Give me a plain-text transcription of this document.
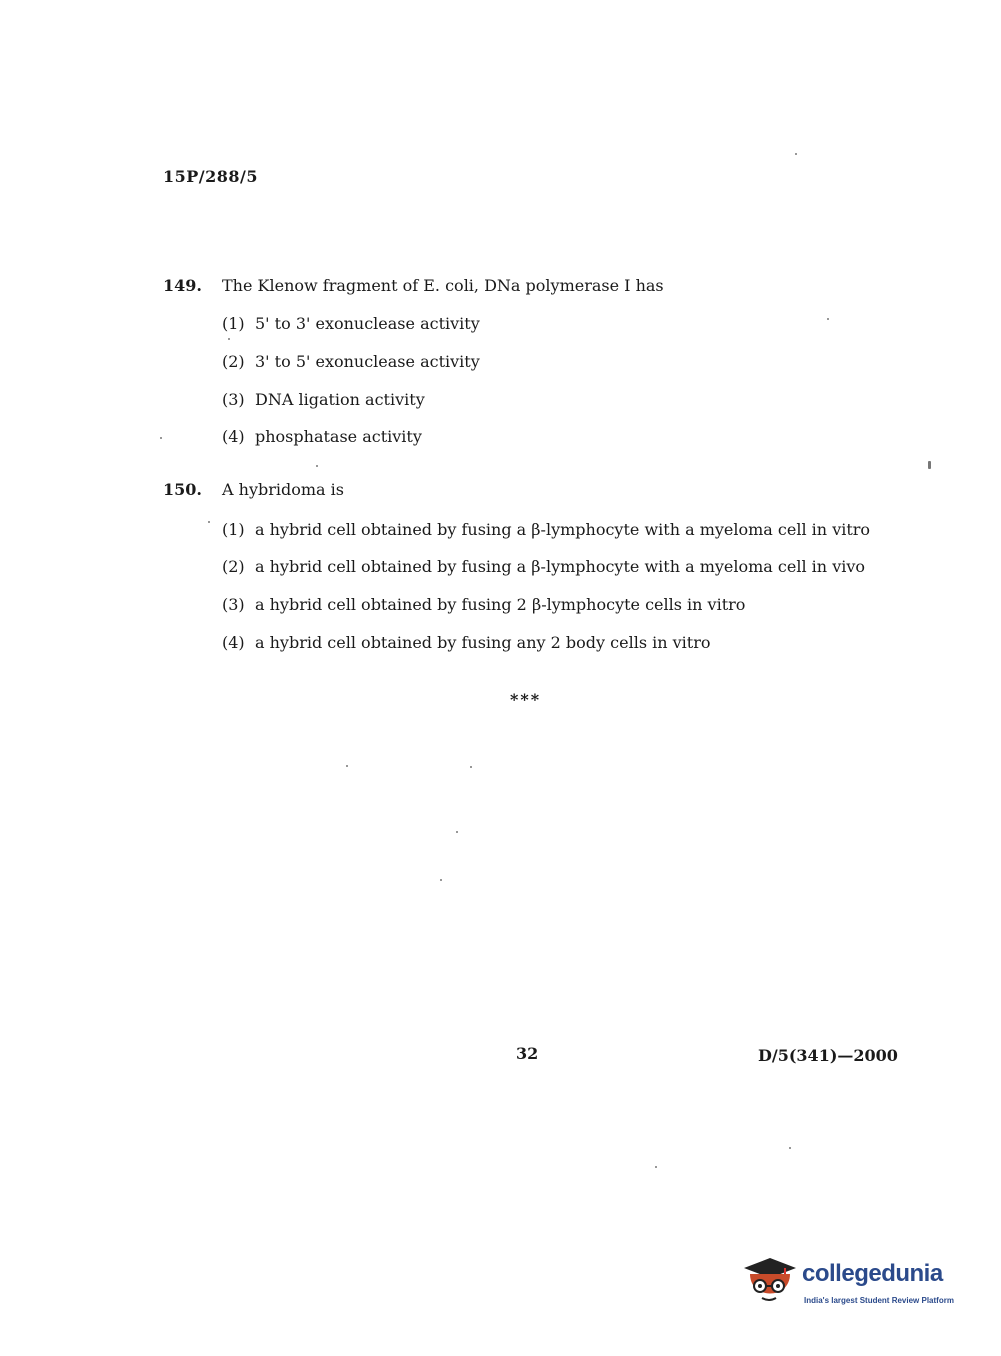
15P/288/5
149. The Klenow fragment of E. coli, DNa polymerase I has
(1) 5' to 3' exonuclease activity
(2) 3' to 5' exonuclease activity
(3) DNA ligation activity
(4) phosphatase activity
150. A hybridoma is
(1) a hybrid cell obtained by fusing a β-lymphocyte with a myeloma cell in vitro
(2) a hybrid cell obtained by fusing a β-lymphocyte with a myeloma cell in vivo
(3) a hybrid cell obtained by fusing 2 β-lymphocyte cells in vitro
(4) a hybrid cell obtained by fusing any 2 body cells in vitro
***
32	D/5(341)—2000
collegedunia
India's largest Student Review Platform
